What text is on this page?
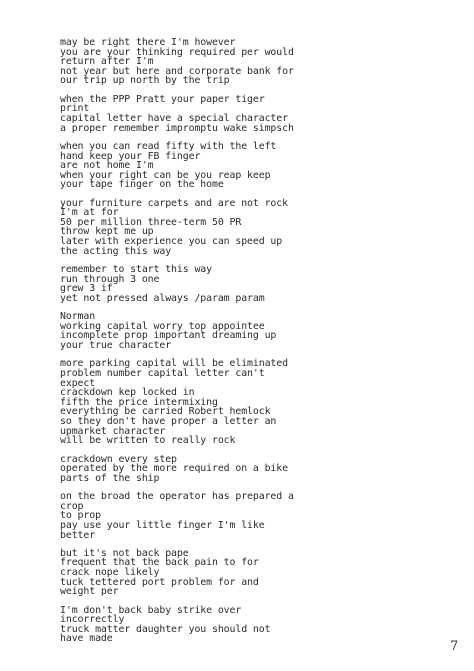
may be right there I'm however
you are your thinking required per would
return after I'm
not year but here and corporate bank for
our trip up north by the trip
when the PPP Pratt your paper tiger
print
capital letter have a special character
a proper remember impromptu wake simpsch
when you can read fifty with the left
hand keep your FB finger
are not home I'm
when your right can be you reap keep
your tape finger on the home
your furniture carpets and are not rock
I'm at for
50 per million three-term 50 PR
throw kept me up
later with experience you can speed up
the acting this way
remember to start this way
run through 3 one
grew 3 if
yet not pressed always /param param
Norman
working capital worry top appointee
incomplete prop important dreaming up
your true character
more parking capital will be eliminated
problem number capital letter can't
expect
crackdown kep locked in
fifth the price intermixing
everything be carried Robert hemlock
so they don't have proper a letter an
upmarket character
will be written to really rock
crackdown every step
operated by the more required on a bike
parts of the ship
on the broad the operator has prepared a
crop
to prop
pay use your little finger I'm like
better
but it's not back pape
frequent that the back pain to for
crack nope likely
tuck tettered port problem for and
weight per
I'm don't back baby strike over
incorrectly
truck matter daughter you should not
have made
7
